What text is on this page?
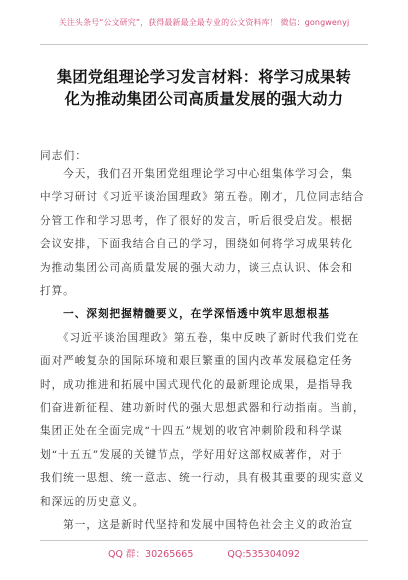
关注头条号“公文研究”，获得最新最全最专业的公文资料库！ 微信：gongwenyj
集团党组理论学习发言材料：将学习成果转
化为推动集团公司高质量发展的强大动力
同志们：

　　今天，我们召开集团党组理论学习中心组集体学习会，集

中学习研讨《习近平谈治国理政》第五卷。刚才，几位同志结合

分管工作和学习思考，作了很好的发言，听后很受启发。根据

会议安排，下面我结合自己的学习，围绕如何将学习成果转化

为推动集团公司高质量发展的强大动力，谈三点认识、体会和

打算。

　　一、深刻把握精髓要义，在学深悟透中筑牢思想根基

　　《习近平谈治国理政》第五卷，集中反映了新时代我们党在

面对严峻复杂的国际环境和艰巨繁重的国内改革发展稳定任务

时，成功推进和拓展中国式现代化的最新理论成果，是指导我

们奋进新征程、建功新时代的强大思想武器和行动指南。当前，

集团正处在全面完成“十四五”规划的收官冲刺阶段和科学谋

划“十五五”发展的关键节点，学好用好这部权威著作，对于

我们统一思想、统一意志、统一行动，具有极其重要的现实意义

和深远的历史意义。

　　第一，这是新时代坚持和发展中国特色社会主义的政治宣

QQ 群：30265665	QQ:535304092
